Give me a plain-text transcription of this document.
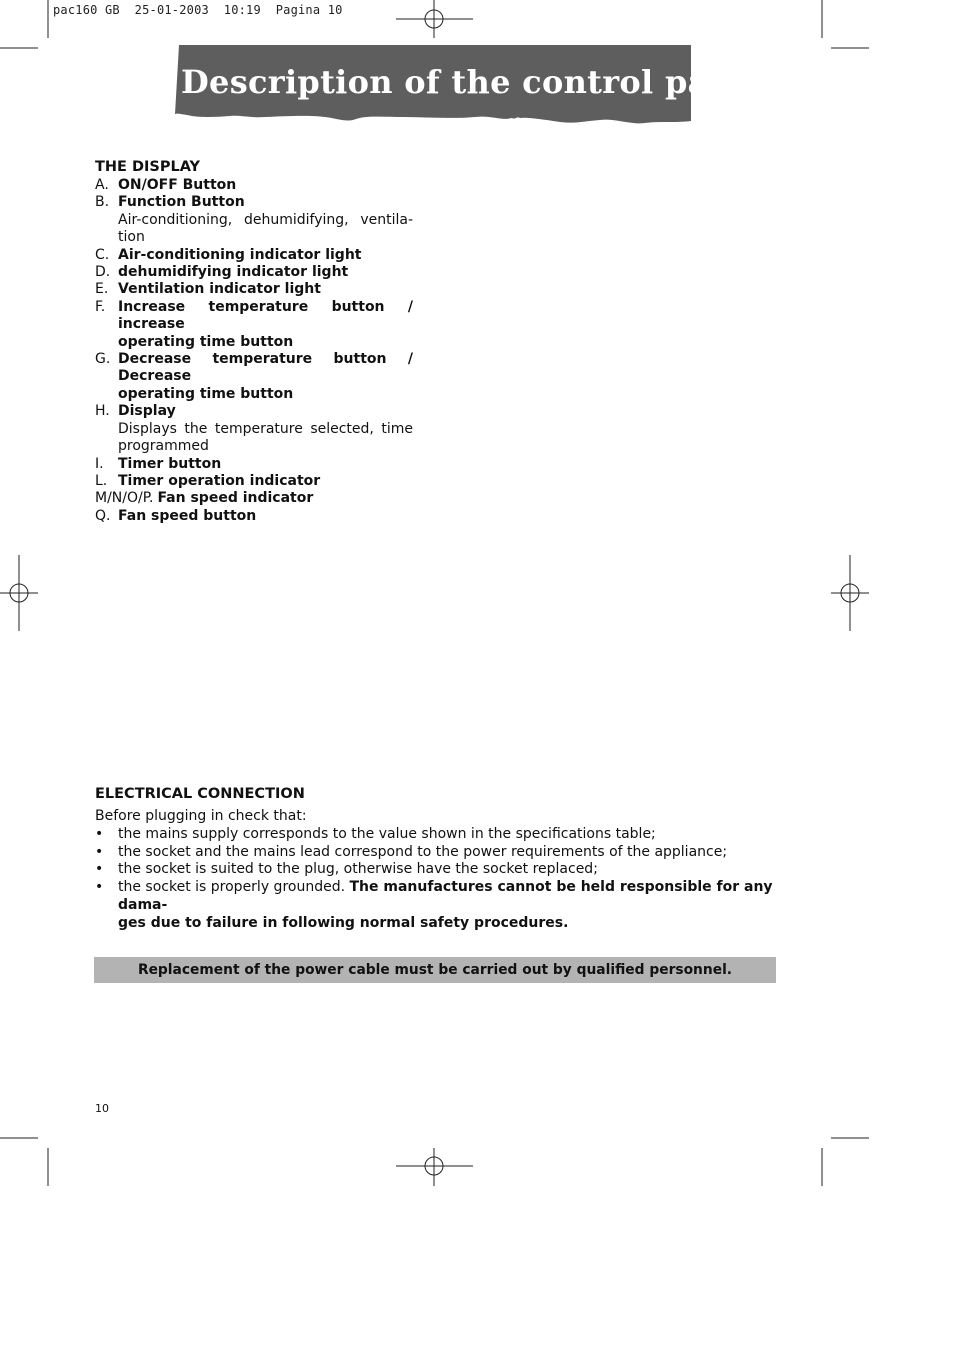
pac160 GB  25-01-2003  10:19  Pagina 10
Description of the control panel
THE DISPLAY
A. ON/OFF Button
B. Function Button
Air-conditioning, dehumidifying, ventila-
tion
C. Air-conditioning indicator light
D. dehumidifying indicator light
E. Ventilation indicator light
F. Increase temperature button / increase
operating time button
G. Decrease temperature button / Decrease
operating time button
H. Display
Displays the temperature selected, time
programmed
I.	Timer button
L. Timer operation indicator
M/N/O/P. Fan speed indicator
Q. Fan speed button
ELECTRICAL CONNECTION
Before plugging in check that:
•	the mains supply corresponds to the value shown in the specifications table;
•	the socket and the mains lead correspond to the power requirements of the appliance;
•	the socket is suited to the plug, otherwise have the socket replaced;
•	the socket is properly grounded. The manufactures cannot be held responsible for any dama-
ges due to failure in following normal safety procedures.
Replacement of the power cable must be carried out by qualified personnel.
10
